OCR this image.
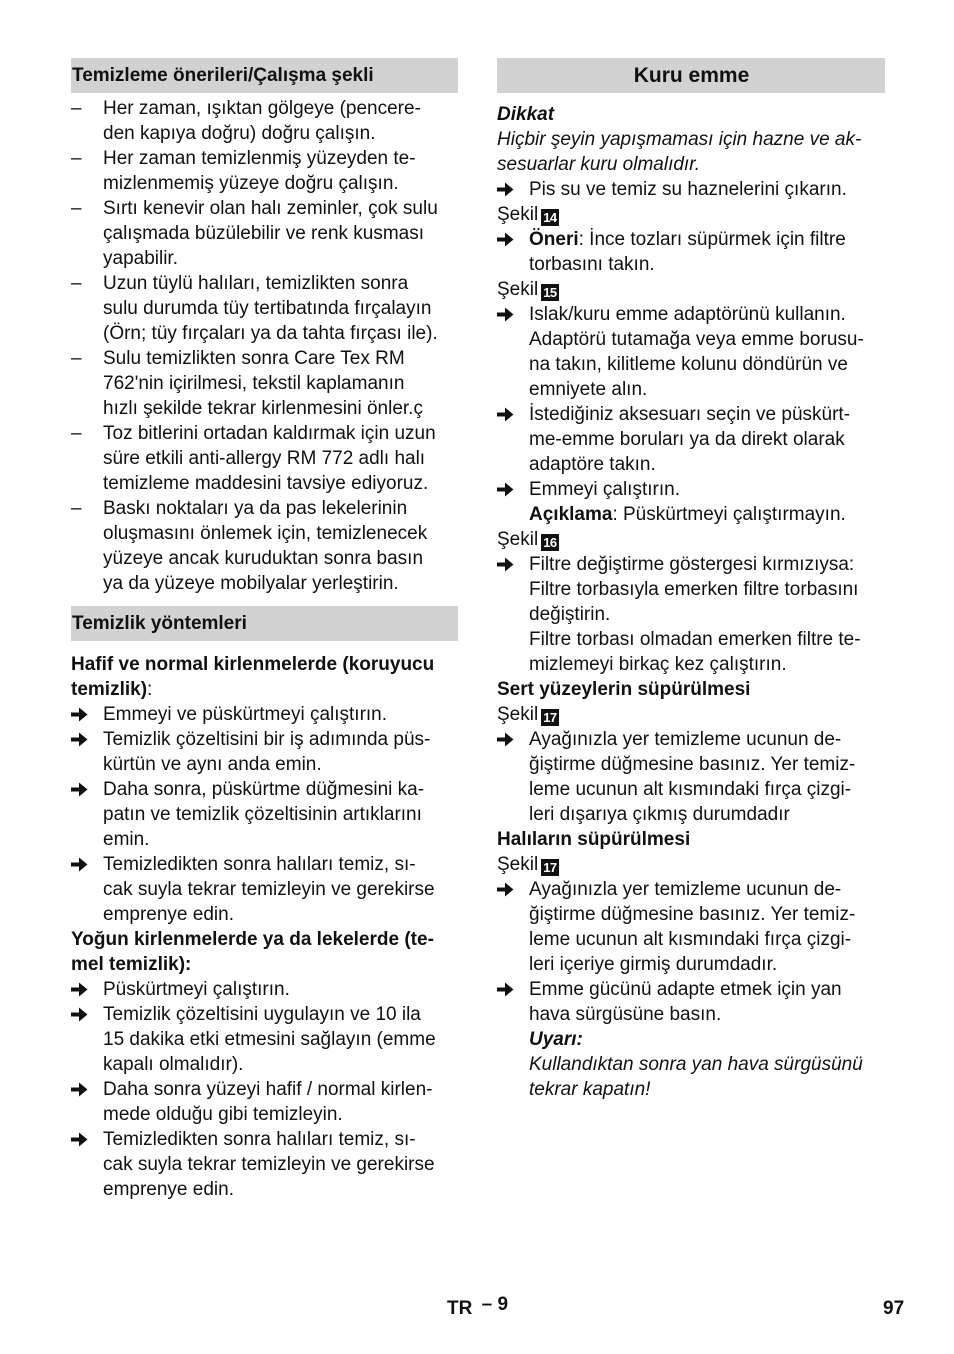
Temizleme önerileri/Çalışma şekli
–	Her zaman, ışıktan gölgeye (pencere-
den kapıya doğru) doğru çalışın.
–	Her zaman temizlenmiş yüzeyden te-
mizlenmemiş yüzeye doğru çalışın.
–	Sırtı kenevir olan halı zeminler, çok sulu
çalışmada büzülebilir ve renk kusması
yapabilir.
–	Uzun tüylü halıları, temizlikten sonra
sulu durumda tüy tertibatında fırçalayın
(Örn; tüy fırçaları ya da tahta fırçası ile).
–	Sulu temizlikten sonra Care Tex RM
762'nin içirilmesi, tekstil kaplamanın
hızlı şekilde tekrar kirlenmesini önler.ç
–	Toz bitlerini ortadan kaldırmak için uzun
süre etkili anti-allergy RM 772 adlı halı
temizleme maddesini tavsiye ediyoruz.
–	Baskı noktaları ya da pas lekelerinin
oluşmasını önlemek için, temizlenecek
yüzeye ancak kuruduktan sonra basın
ya da yüzeye mobilyalar yerleştirin.
Temizlik yöntemleri
Hafif ve normal kirlenmelerde (koruyucu
temizlik):
Emmeyi ve püskürtmeyi çalıştırın.
Temizlik çözeltisini bir iş adımında püs-
kürtün ve aynı anda emin.
Daha sonra, püskürtme düğmesini ka-
patın ve temizlik çözeltisinin artıklarını
emin.
Temizledikten sonra halıları temiz, sı-
cak suyla tekrar temizleyin ve gerekirse
emprenye edin.
Yoğun kirlenmelerde ya da lekelerde (te-
mel temizlik):
Püskürtmeyi çalıştırın.
Temizlik çözeltisini uygulayın ve 10 ila
15 dakika etki etmesini sağlayın (emme
kapalı olmalıdır).
Daha sonra yüzeyi hafif / normal kirlen-
mede olduğu gibi temizleyin.
Temizledikten sonra halıları temiz, sı-
cak suyla tekrar temizleyin ve gerekirse
emprenye edin.
Kuru emme
Dikkat
Hiçbir şeyin yapışmaması için hazne ve ak-
sesuarlar kuru olmalıdır.
Pis su ve temiz su haznelerini çıkarın.
Şekil 14
Öneri: İnce tozları süpürmek için filtre
torbasını takın.
Şekil 15
Islak/kuru emme adaptörünü kullanın.
Adaptörü tutamağa veya emme borusu-
na takın, kilitleme kolunu döndürün ve
emniyete alın.
İstediğiniz aksesuarı seçin ve püskürt-
me-emme boruları ya da direkt olarak
adaptöre takın.
Emmeyi çalıştırın.
Açıklama: Püskürtmeyi çalıştırmayın.
Şekil 16
Filtre değiştirme göstergesi kırmızıysa:
Filtre torbasıyla emerken filtre torbasını
değiştirin.
Filtre torbası olmadan emerken filtre te-
mizlemeyi birkaç kez çalıştırın.
Sert yüzeylerin süpürülmesi
Şekil 17
Ayağınızla yer temizleme ucunun de-
ğiştirme düğmesine basınız. Yer temiz-
leme ucunun alt kısmındaki fırça çizgi-
leri dışarıya çıkmış durumdadır
Halıların süpürülmesi
Şekil 17
Ayağınızla yer temizleme ucunun de-
ğiştirme düğmesine basınız. Yer temiz-
leme ucunun alt kısmındaki fırça çizgi-
leri içeriye girmiş durumdadır.
Emme gücünü adapte etmek için yan
hava sürgüsüne basın.
Uyarı:
Kullandıktan sonra yan hava sürgüsünü
tekrar kapatın!
TR – 9	97
